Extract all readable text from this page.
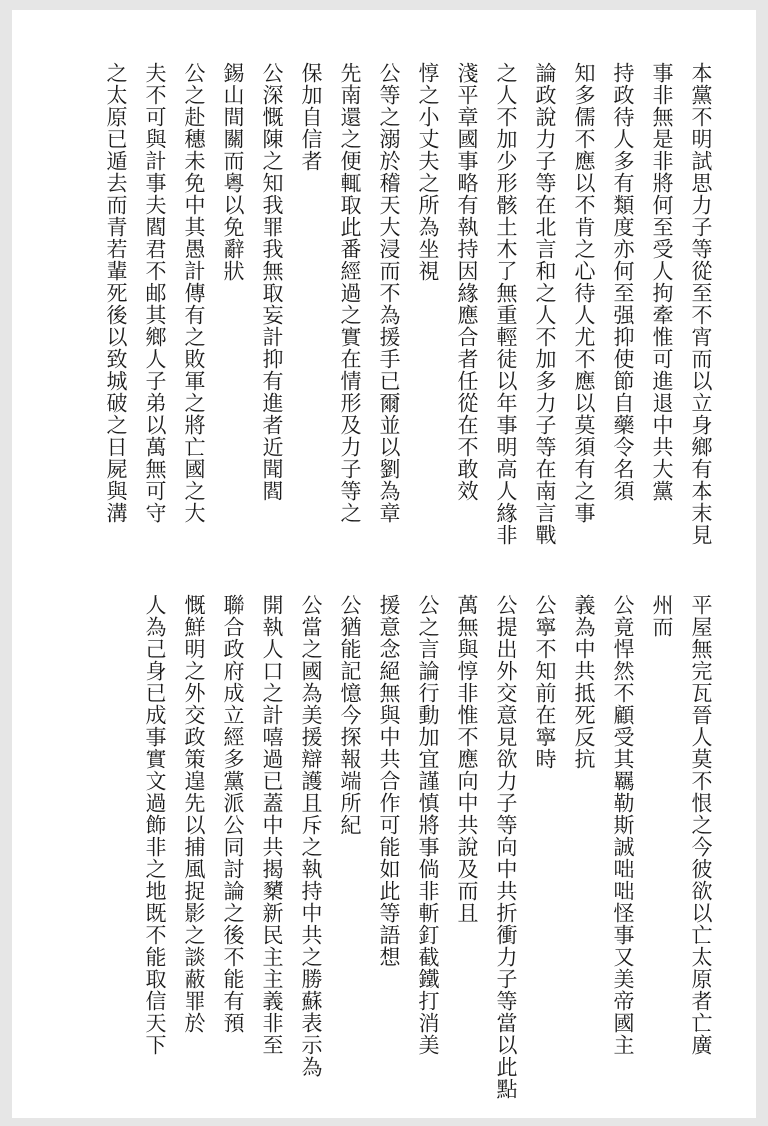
本黨不明試思力子等從至不宵而以立身鄉有本末見
事非無是非將何至受人拘牽惟可進退中共大黨
持政待人多有類度亦何至强抑使節自藥令名須
知多儒不應以不肯之心待人尤不應以莫須有之事
論政說力子等在北言和之人不加多力子等在南言戰
之人不加少形骸土木了無重輕徒以年事明高人緣非
淺平章國事略有執持因緣應合者任從在不敢效
惇之小丈夫之所為坐視
公等之溺於稽天大浸而不為援手已爾並以劉為章
先南還之便輒取此番經過之實在情形及力子等之
保加自信者
公深慨陳之知我罪我無取妄計抑有進者近聞閻
錫山間關而粵以免辭狀
公之赴穗未免中其愚計傳有之敗軍之將亡國之大
夫不可與計事夫閻君不邮其鄉人子弟以萬無可守
之太原已遁去而青若輩死後以致城破之日屍與溝
平屋無完瓦晉人莫不恨之今彼欲以亡太原者亡廣
州而
公竟悍然不顧受其羈勒斯誠咄咄怪事又美帝國主
義為中共抵死反抗
公寧不知前在寧時
公提出外交意見欲力子等向中共折衝力子等當以此點
萬無與惇非惟不應向中共說及而且
公之言論行動加宜謹慎將事倘非斬釘截鐵打消美
援意念絕無與中共合作可能如此等語想
公猶能記憶今探報端所紀
公當之國為美援辯護且斥之執持中共之勝蘇表示為
開執人口之計嘻過已蓋中共揭櫫新民主主義非至
聯合政府成立經多黨派公同討論之後不能有預
慨鮮明之外交政策遑先以捕風捉影之談蔽罪於
人為己身已成事實文過飾非之地既不能取信天下
